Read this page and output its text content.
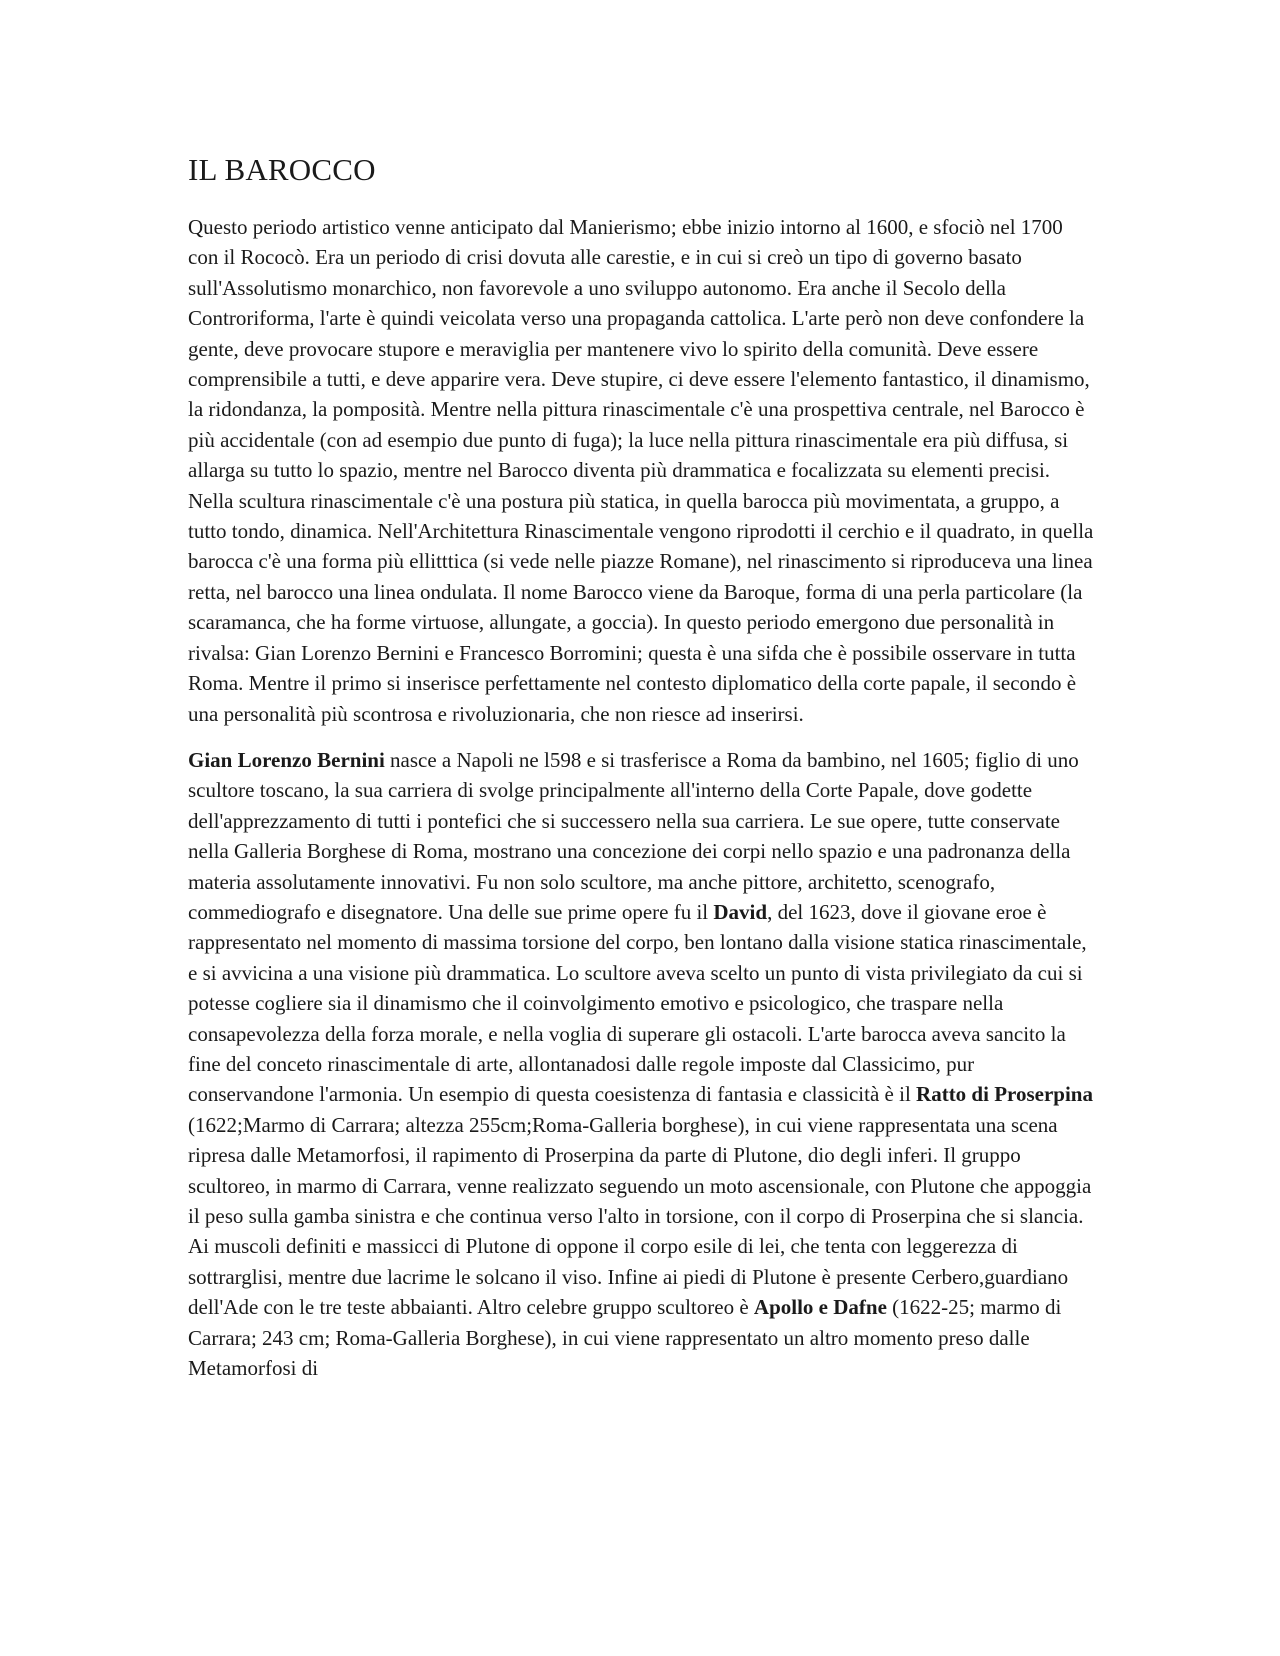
IL BAROCCO

Questo periodo artistico venne anticipato dal Manierismo; ebbe inizio intorno al 1600, e sfociò nel 1700 con il Rococò. Era un periodo di crisi dovuta alle carestie, e in cui si creò un tipo di governo basato sull'Assolutismo monarchico, non favorevole a uno sviluppo autonomo. Era anche il Secolo della Controriforma, l'arte è quindi veicolata verso una propaganda cattolica. L'arte però non deve confondere la gente, deve provocare stupore e meraviglia per mantenere vivo lo spirito della comunità. Deve essere comprensibile a tutti, e deve apparire vera. Deve stupire, ci deve essere l'elemento fantastico, il dinamismo, la ridondanza, la pomposità. Mentre nella pittura rinascimentale c'è una prospettiva centrale, nel Barocco è più accidentale (con ad esempio due punto di fuga); la luce nella pittura rinascimentale era più diffusa, si allarga su tutto lo spazio, mentre nel Barocco diventa più drammatica e focalizzata su elementi precisi. Nella scultura rinascimentale c'è una postura più statica, in quella barocca più movimentata, a gruppo, a tutto tondo, dinamica. Nell'Architettura Rinascimentale vengono riprodotti il cerchio e il quadrato, in quella barocca c'è una forma più ellitttica (si vede nelle piazze Romane), nel rinascimento si riproduceva una linea retta, nel barocco una linea ondulata. Il nome Barocco viene da Baroque, forma di una perla particolare (la scaramanca, che ha forme virtuose, allungate, a goccia). In questo periodo emergono due personalità in rivalsa: Gian Lorenzo Bernini e Francesco Borromini; questa è una sifda che è possibile osservare in tutta Roma. Mentre il primo si inserisce perfettamente nel contesto diplomatico della corte papale, il secondo è una personalità più scontrosa e rivoluzionaria, che non riesce ad inserirsi.

Gian Lorenzo Bernini nasce a Napoli ne l598 e si trasferisce a Roma da bambino, nel 1605; figlio di uno scultore toscano, la sua carriera di svolge principalmente all'interno della Corte Papale, dove godette dell'apprezzamento di tutti i pontefici che si successero nella sua carriera. Le sue opere, tutte conservate nella Galleria Borghese di Roma, mostrano una concezione dei corpi nello spazio e una padronanza della materia assolutamente innovativi. Fu non solo scultore, ma anche pittore, architetto, scenografo, commediografo e disegnatore. Una delle sue prime opere fu il David, del 1623, dove il giovane eroe è rappresentato nel momento di massima torsione del corpo, ben lontano dalla visione statica rinascimentale, e si avvicina a una visione più drammatica. Lo scultore aveva scelto un punto di vista privilegiato da cui si potesse cogliere sia il dinamismo che il coinvolgimento emotivo e psicologico, che traspare nella consapevolezza della forza morale, e nella voglia di superare gli ostacoli. L'arte barocca aveva sancito la fine del conceto rinascimentale di arte, allontanadosi dalle regole imposte dal Classicimo, pur conservandone l'armonia. Un esempio di questa coesistenza di fantasia e classicità è il Ratto di Proserpina (1622;Marmo di Carrara; altezza 255cm;Roma-Galleria borghese), in cui viene rappresentata una scena ripresa dalle Metamorfosi, il rapimento di Proserpina da parte di Plutone, dio degli inferi. Il gruppo scultoreo, in marmo di Carrara, venne realizzato seguendo un moto ascensionale, con Plutone che appoggia il peso sulla gamba sinistra e che continua verso l'alto in torsione, con il corpo di Proserpina che si slancia. Ai muscoli definiti e massicci di Plutone di oppone il corpo esile di lei, che tenta con leggerezza di sottrarglisi, mentre due lacrime le solcano il viso. Infine ai piedi di Plutone è presente Cerbero,guardiano dell'Ade con le tre teste abbaianti. Altro celebre gruppo scultoreo è Apollo e Dafne (1622-25; marmo di Carrara; 243 cm; Roma-Galleria Borghese), in cui viene rappresentato un altro momento preso dalle Metamorfosi di
